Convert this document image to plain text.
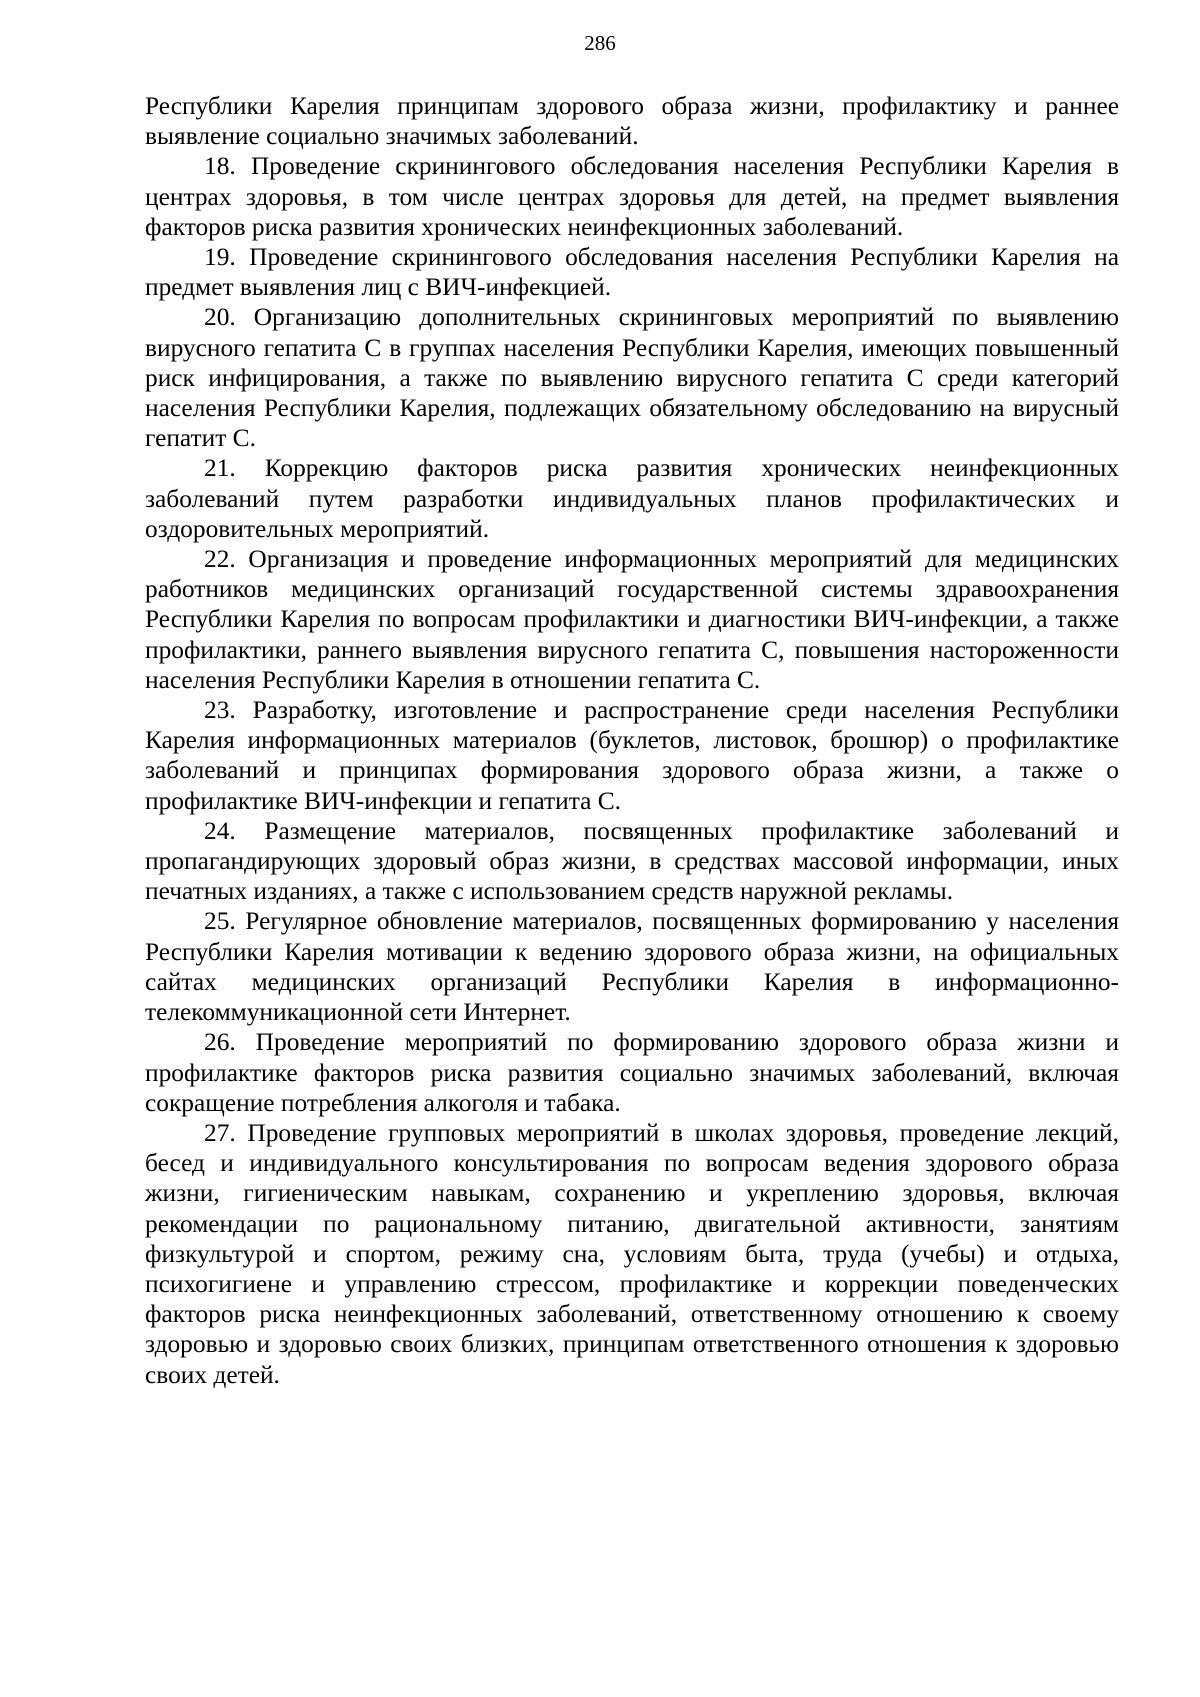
286

Республики Карелия принципам здорового образа жизни, профилактику и раннее выявление социально значимых заболеваний.

18. Проведение скринингового обследования населения Республики Карелия в центрах здоровья, в том числе центрах здоровья для детей, на предмет выявления факторов риска развития хронических неинфекционных заболеваний.

19. Проведение скринингового обследования населения Республики Карелия на предмет выявления лиц с ВИЧ-инфекцией.

20. Организацию дополнительных скрининговых мероприятий по выявлению вирусного гепатита С в группах населения Республики Карелия, имеющих повышенный риск инфицирования, а также по выявлению вирусного гепатита С среди категорий населения Республики Карелия, подлежащих обязательному обследованию на вирусный гепатит С.

21. Коррекцию факторов риска развития хронических неинфекционных заболеваний путем разработки индивидуальных планов профилактических и оздоровительных мероприятий.

22. Организация и проведение информационных мероприятий для медицинских работников медицинских организаций государственной системы здравоохранения Республики Карелия по вопросам профилактики и диагностики ВИЧ-инфекции, а также профилактики, раннего выявления вирусного гепатита С, повышения настороженности населения Республики Карелия в отношении гепатита С.

23. Разработку, изготовление и распространение среди населения Республики Карелия информационных материалов (буклетов, листовок, брошюр) о профилактике заболеваний и принципах формирования здорового образа жизни, а также о профилактике ВИЧ-инфекции и гепатита С.

24. Размещение материалов, посвященных профилактике заболеваний и пропагандирующих здоровый образ жизни, в средствах массовой информации, иных печатных изданиях, а также с использованием средств наружной рекламы.

25. Регулярное обновление материалов, посвященных формированию у населения Республики Карелия мотивации к ведению здорового образа жизни, на официальных сайтах медицинских организаций Республики Карелия в информационно-телекоммуникационной сети Интернет.

26. Проведение мероприятий по формированию здорового образа жизни и профилактике факторов риска развития социально значимых заболеваний, включая сокращение потребления алкоголя и табака.

27. Проведение групповых мероприятий в школах здоровья, проведение лекций, бесед и индивидуального консультирования по вопросам ведения здорового образа жизни, гигиеническим навыкам, сохранению и укреплению здоровья, включая рекомендации по рациональному питанию, двигательной активности, занятиям физкультурой и спортом, режиму сна, условиям быта, труда (учебы) и отдыха, психогигиене и управлению стрессом, профилактике и коррекции поведенческих факторов риска неинфекционных заболеваний, ответственному отношению к своему здоровью и здоровью своих близких, принципам ответственного отношения к здоровью своих детей.
